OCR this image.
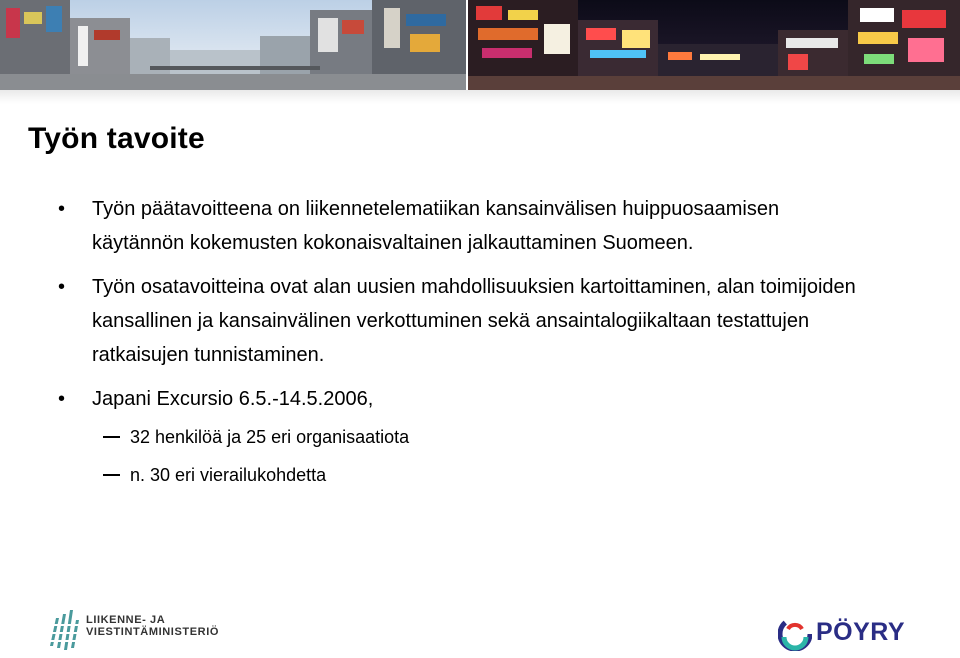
Työn tavoite

• Työn päätavoitteena on liikennetelematiikan kansainvälisen huippuosaamisen käytännön kokemusten kokonaisvaltainen jalkauttaminen Suomeen.

• Työn osatavoitteina ovat alan uusien mahdollisuuksien kartoittaminen, alan toimijoiden kansallinen ja kansainvälinen verkottuminen sekä ansaintalogiikaltaan testattujen ratkaisujen tunnistaminen.

• Japani Excursio 6.5.-14.5.2006,

32 henkilöä ja 25 eri organisaatiota

n. 30 eri vierailukohdetta

LIIKENNE- JA
VIESTINTÄMINISTERIÖ	PÖYRY
